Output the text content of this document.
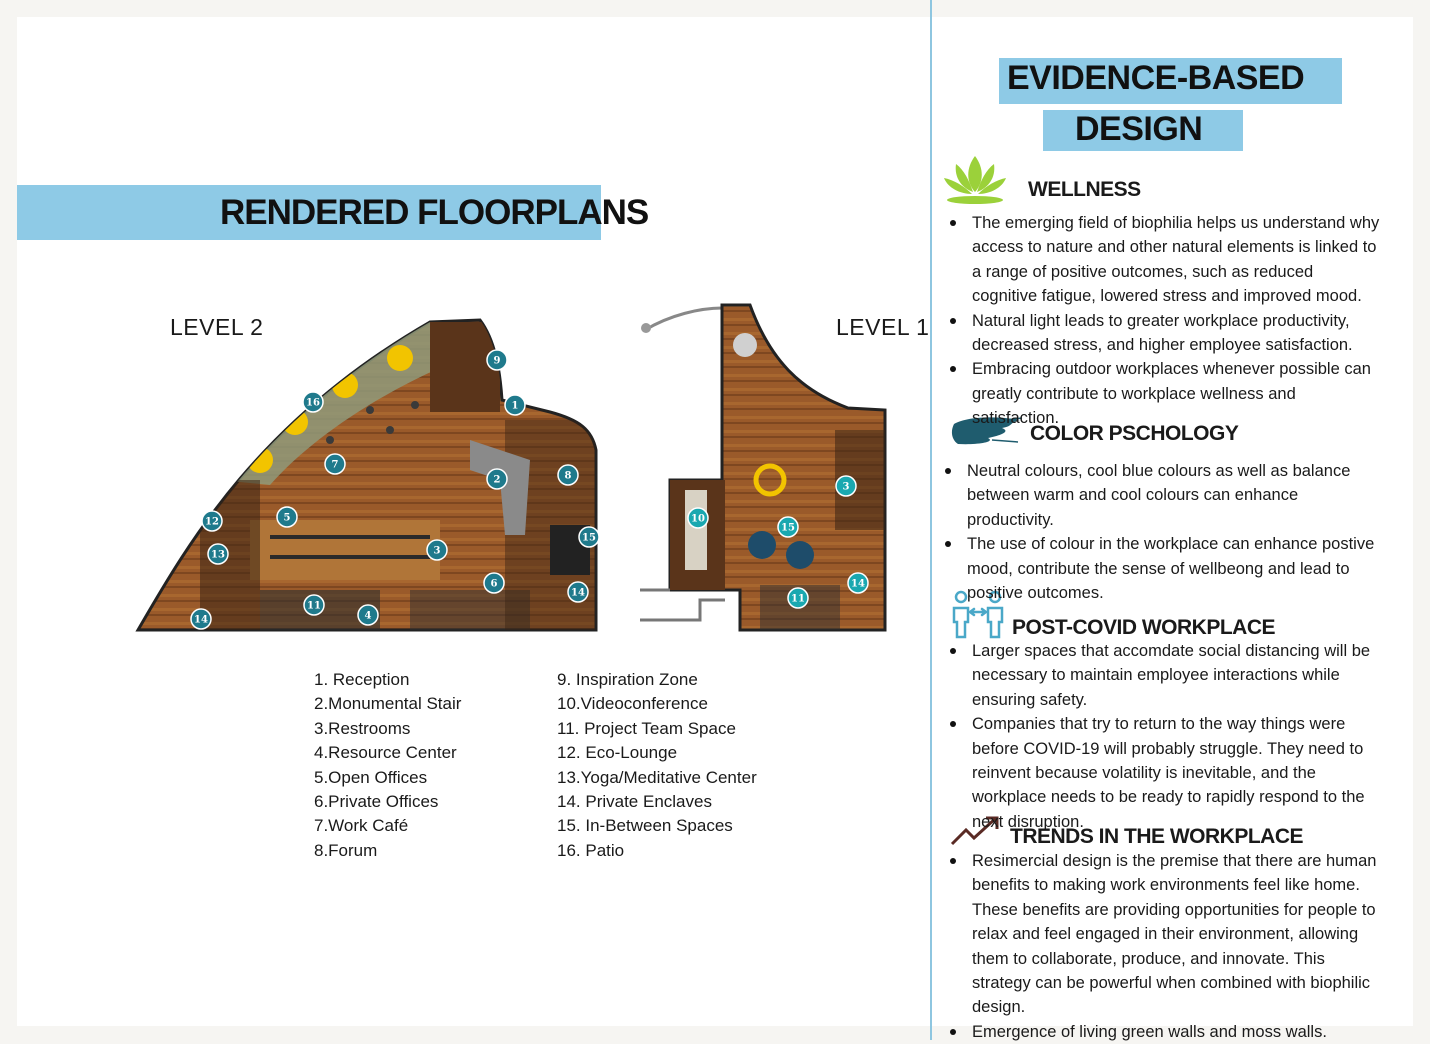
RENDERED FLOORPLANS
LEVEL 2	LEVEL 1
9
1
16
7
2	8
5
12
15
3
13
6
14
11
4
14
3
10
15
14
11
1. Reception
2.Monumental Stair
3.Restrooms
4.Resource Center
5.Open Offices
6.Private Offices
7.Work Café
8.Forum
9. Inspiration Zone
10.Videoconference
11. Project Team Space
12. Eco-Lounge
13.Yoga/Meditative Center
14. Private Enclaves
15. In-Between Spaces
16. Patio
EVIDENCE-BASED
DESIGN
WELLNESS
COLOR PSCHOLOGY
POST-COVID WORKPLACE
TRENDS IN THE WORKPLACE
The emerging field of biophilia helps us understand why access to nature and other natural elements is linked to a range of positive outcomes, such as reduced cognitive fatigue, lowered stress and improved mood.
Natural light leads to greater workplace productivity, decreased stress, and higher employee satisfaction.
Embracing outdoor workplaces whenever possible can greatly contribute to workplace wellness and satisfaction.
Neutral colours, cool blue colours as well as balance between warm and cool colours can enhance productivity.
The use of colour in the workplace can enhance postive mood, contribute the sense of wellbeong and lead to positive outcomes.
Larger spaces that accomdate social distancing will be necessary to maintain employee interactions while ensuring safety.
Companies that try to return to the way things were before COVID-19 will probably struggle. They need to reinvent because volatility is inevitable, and the workplace needs to be ready to rapidly respond to the next disruption.
Resimercial design is the premise that there are human benefits to making work environments feel like home. These benefits are providing opportunities for people to relax and feel engaged in their environment, allowing them to collaborate, produce, and innovate. This strategy can be powerful when combined with biophilic design.
Emergence of living green walls and moss walls.
